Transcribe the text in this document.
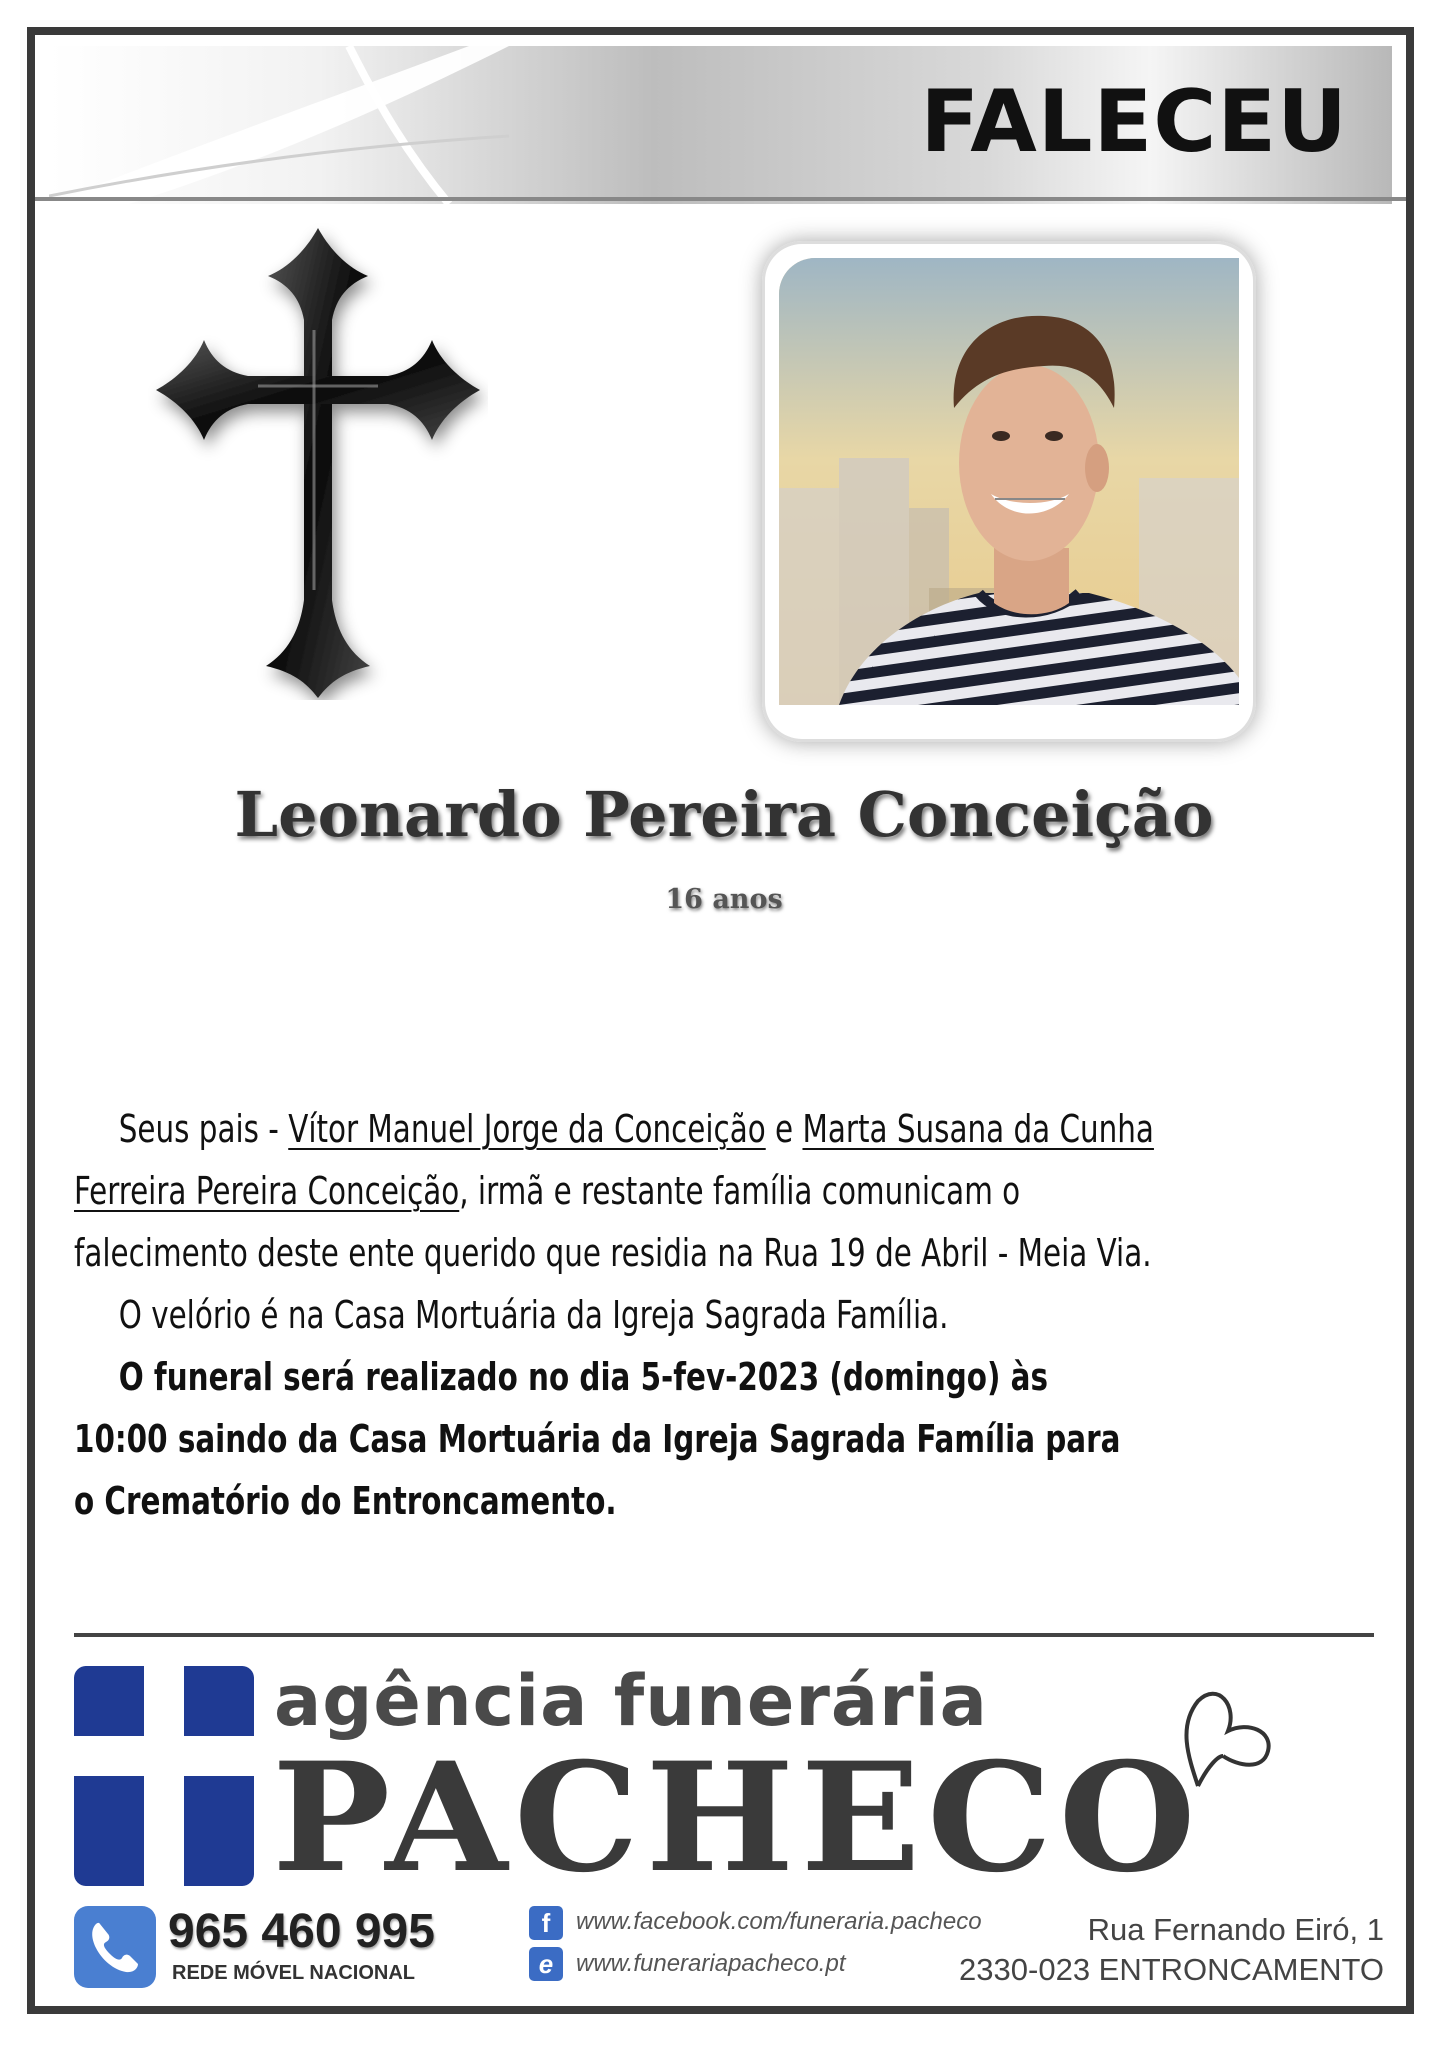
FALECEU
Leonardo Pereira Conceição
16 anos

Seus pais - Vítor Manuel Jorge da Conceição e Marta Susana da Cunha
Ferreira Pereira Conceição, irmã e restante família comunicam o
falecimento deste ente querido que residia na Rua 19 de Abril - Meia Via.

O velório é na Casa Mortuária da Igreja Sagrada Família.

O funeral será realizado no dia 5-fev-2023 (domingo) às
10:00 saindo da Casa Mortuária da Igreja Sagrada Família para
o Crematório do Entroncamento.

agência funerária
PACHECO
965 460 995
REDE MÓVEL NACIONAL
f	www.facebook.com/funeraria.pacheco
e www.funerariapacheco.pt
Rua Fernando Eiró, 1
2330-023 ENTRONCAMENTO
